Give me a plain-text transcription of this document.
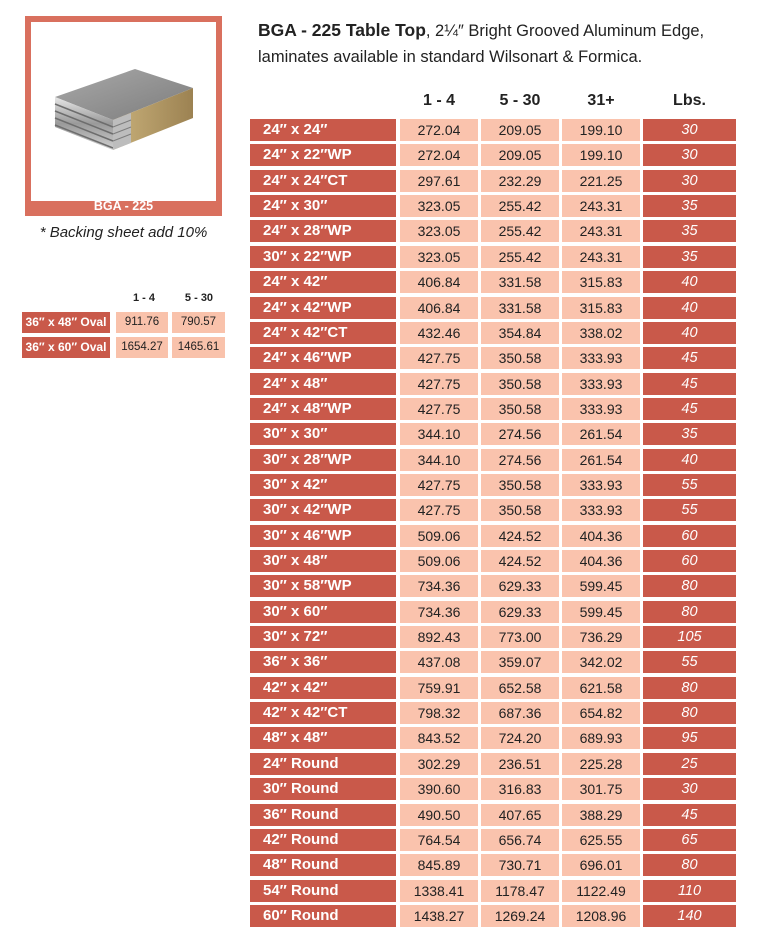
BGA - 225
* Backing sheet add 10%
1 - 4	5 - 30
36″ x 48″ Oval	911.76	790.57
36″ x 60″ Oval	1654.27	1465.61
BGA - 225 Table Top, 2¼″ Bright Grooved Aluminum Edge,
laminates available in standard Wilsonart & Formica.
1 - 4	5 - 30	31+	Lbs.
24″ x 24″	272.04	209.05	199.10	30
24″ x 22″WP	272.04	209.05	199.10	30
24″ x 24″CT	297.61	232.29	221.25	30
24″ x 30″	323.05	255.42	243.31	35
24″ x 28″WP	323.05	255.42	243.31	35
30″ x 22″WP	323.05	255.42	243.31	35
24″ x 42″	406.84	331.58	315.83	40
24″ x 42″WP	406.84	331.58	315.83	40
24″ x 42″CT	432.46	354.84	338.02	40
24″ x 46″WP	427.75	350.58	333.93	45
24″ x 48″	427.75	350.58	333.93	45
24″ x 48″WP	427.75	350.58	333.93	45
30″ x 30″	344.10	274.56	261.54	35
30″ x 28″WP	344.10	274.56	261.54	40
30″ x 42″	427.75	350.58	333.93	55
30″ x 42″WP	427.75	350.58	333.93	55
30″ x 46″WP	509.06	424.52	404.36	60
30″ x 48″	509.06	424.52	404.36	60
30″ x 58″WP	734.36	629.33	599.45	80
30″ x 60″	734.36	629.33	599.45	80
30″ x 72″	892.43	773.00	736.29	105
36″ x 36″	437.08	359.07	342.02	55
42″ x 42″	759.91	652.58	621.58	80
42″ x 42″CT	798.32	687.36	654.82	80
48″ x 48″	843.52	724.20	689.93	95
24″ Round	302.29	236.51	225.28	25
30″ Round	390.60	316.83	301.75	30
36″ Round	490.50	407.65	388.29	45
42″ Round	764.54	656.74	625.55	65
48″ Round	845.89	730.71	696.01	80
54″ Round	1338.41	1178.47	1122.49	110
60″ Round	1438.27	1269.24	1208.96	140
